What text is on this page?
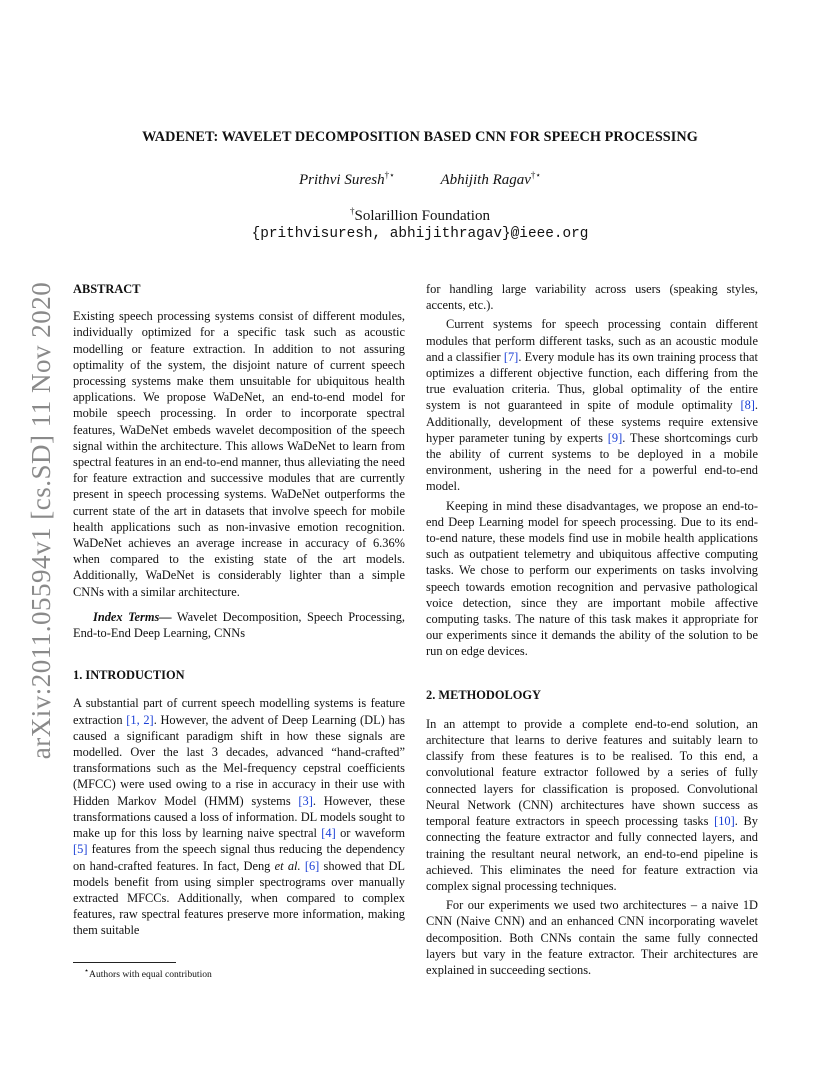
arXiv:2011.05594v1 [cs.SD] 11 Nov 2020
WADENET: WAVELET DECOMPOSITION BASED CNN FOR SPEECH PROCESSING
Prithvi Suresh†⋆	Abhijith Ragav†⋆
†Solarillion Foundation
{prithvisuresh, abhijithragav}@ieee.org

ABSTRACT

Existing speech processing systems consist of different modules, individually optimized for a specific task such as acoustic modelling or feature extraction. In addition to not assuring optimality of the system, the disjoint nature of current speech processing systems make them unsuitable for ubiquitous health applications. We propose WaDeNet, an end-to-end model for mobile speech processing. In order to incorporate spectral features, WaDeNet embeds wavelet decomposition of the speech signal within the architecture. This allows WaDeNet to learn from spectral features in an end-to-end manner, thus alleviating the need for feature extraction and successive modules that are currently present in speech processing systems. WaDeNet outperforms the current state of the art in datasets that involve speech for mobile health applications such as non-invasive emotion recognition. WaDeNet achieves an average increase in accuracy of 6.36% when compared to the existing state of the art models. Additionally, WaDeNet is considerably lighter than a simple CNNs with a similar architecture.

Index Terms— Wavelet Decomposition, Speech Processing, End-to-End Deep Learning, CNNs

1. INTRODUCTION

A substantial part of current speech modelling systems is feature extraction [1, 2]. However, the advent of Deep Learning (DL) has caused a significant paradigm shift in how these signals are modelled. Over the last 3 decades, advanced “hand-crafted” transformations such as the Mel-frequency cepstral coefficients (MFCC) were used owing to a rise in accuracy in their use with Hidden Markov Model (HMM) systems [3]. However, these transformations caused a loss of information. DL models sought to make up for this loss by learning naive spectral [4] or waveform [5] features from the speech signal thus reducing the dependency on hand-crafted features. In fact, Deng et al. [6] showed that DL models benefit from using simpler spectrograms over manually extracted MFCCs. Additionally, when compared to complex features, raw spectral features preserve more information, making them suitable

for handling large variability across users (speaking styles, accents, etc.).

Current systems for speech processing contain different modules that perform different tasks, such as an acoustic module and a classifier [7]. Every module has its own training process that optimizes a different objective function, each differing from the true evaluation criteria. Thus, global optimality of the entire system is not guaranteed in spite of module optimality [8]. Additionally, development of these systems require extensive hyper parameter tuning by experts [9]. These shortcomings curb the ability of current systems to be deployed in a mobile environment, ushering in the need for a powerful end-to-end model.

Keeping in mind these disadvantages, we propose an end-to-end Deep Learning model for speech processing. Due to its end-to-end nature, these models find use in mobile health applications such as outpatient telemetry and ubiquitous affective computing tasks. We chose to perform our experiments on tasks involving speech towards emotion recognition and pervasive pathological voice detection, since they are important mobile affective computing tasks. The nature of this task makes it appropriate for our experiments since it demands the ability of the solution to be run on edge devices.

2. METHODOLOGY

In an attempt to provide a complete end-to-end solution, an architecture that learns to derive features and suitably learn to classify from these features is to be realised. To this end, a convolutional feature extractor followed by a series of fully connected layers for classification is proposed. Convolutional Neural Network (CNN) architectures have shown success as temporal feature extractors in speech processing tasks [10]. By connecting the feature extractor and fully connected layers, and training the resultant neural network, an end-to-end pipeline is achieved. This eliminates the need for feature extraction via complex signal processing techniques.

For our experiments we used two architectures – a naive 1D CNN (Naive CNN) and an enhanced CNN incorporating wavelet decomposition. Both CNNs contain the same fully connected layers but vary in the feature extractor. Their architectures are explained in succeeding sections.

⋆Authors with equal contribution
